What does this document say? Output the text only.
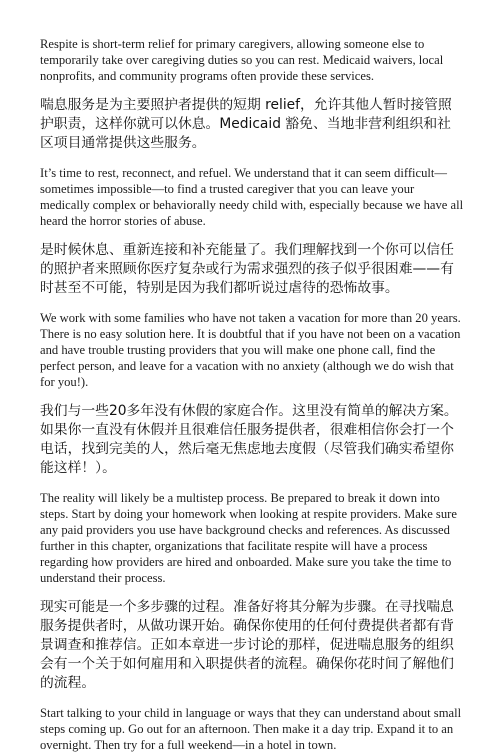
Respite is short-term relief for primary caregivers, allowing someone else to temporarily take over caregiving duties so you can rest. Medicaid waivers, local nonprofits, and community programs often provide these services.

喘息服务是为主要照护者提供的短期 relief，允许其他人暂时接管照护职责，这样你就可以休息。Medicaid 豁免、当地非营利组织和社区项目通常提供这些服务。

It’s time to rest, reconnect, and refuel. We understand that it can seem difficult—sometimes impossible—to find a trusted caregiver that you can leave your medically complex or behaviorally needy child with, especially because we have all heard the horror stories of abuse.

是时候休息、重新连接和补充能量了。我们理解找到一个你可以信任的照护者来照顾你医疗复杂或行为需求强烈的孩子似乎很困难——有时甚至不可能，特别是因为我们都听说过虐待的恐怖故事。

We work with some families who have not taken a vacation for more than 20 years. There is no easy solution here. It is doubtful that if you have not been on a vacation and have trouble trusting providers that you will make one phone call, find the perfect person, and leave for a vacation with no anxiety (although we do wish that for you!).

我们与一些20多年没有休假的家庭合作。这里没有简单的解决方案。如果你一直没有休假并且很难信任服务提供者，很难相信你会打一个电话，找到完美的人，然后毫无焦虑地去度假（尽管我们确实希望你能这样！）。

The reality will likely be a multistep process. Be prepared to break it down into steps. Start by doing your homework when looking at respite providers. Make sure any paid providers you use have background checks and references. As discussed further in this chapter, organizations that facilitate respite will have a process regarding how providers are hired and onboarded. Make sure you take the time to understand their process.

现实可能是一个多步骤的过程。准备好将其分解为步骤。在寻找喘息服务提供者时，从做功课开始。确保你使用的任何付费提供者都有背景调查和推荐信。正如本章进一步讨论的那样，促进喘息服务的组织会有一个关于如何雇用和入职提供者的流程。确保你花时间了解他们的流程。

Start talking to your child in language or ways that they can understand about small steps coming up. Go out for an afternoon. Then make it a day trip. Expand it to an overnight. Then try for a full weekend—in a hotel in town.
